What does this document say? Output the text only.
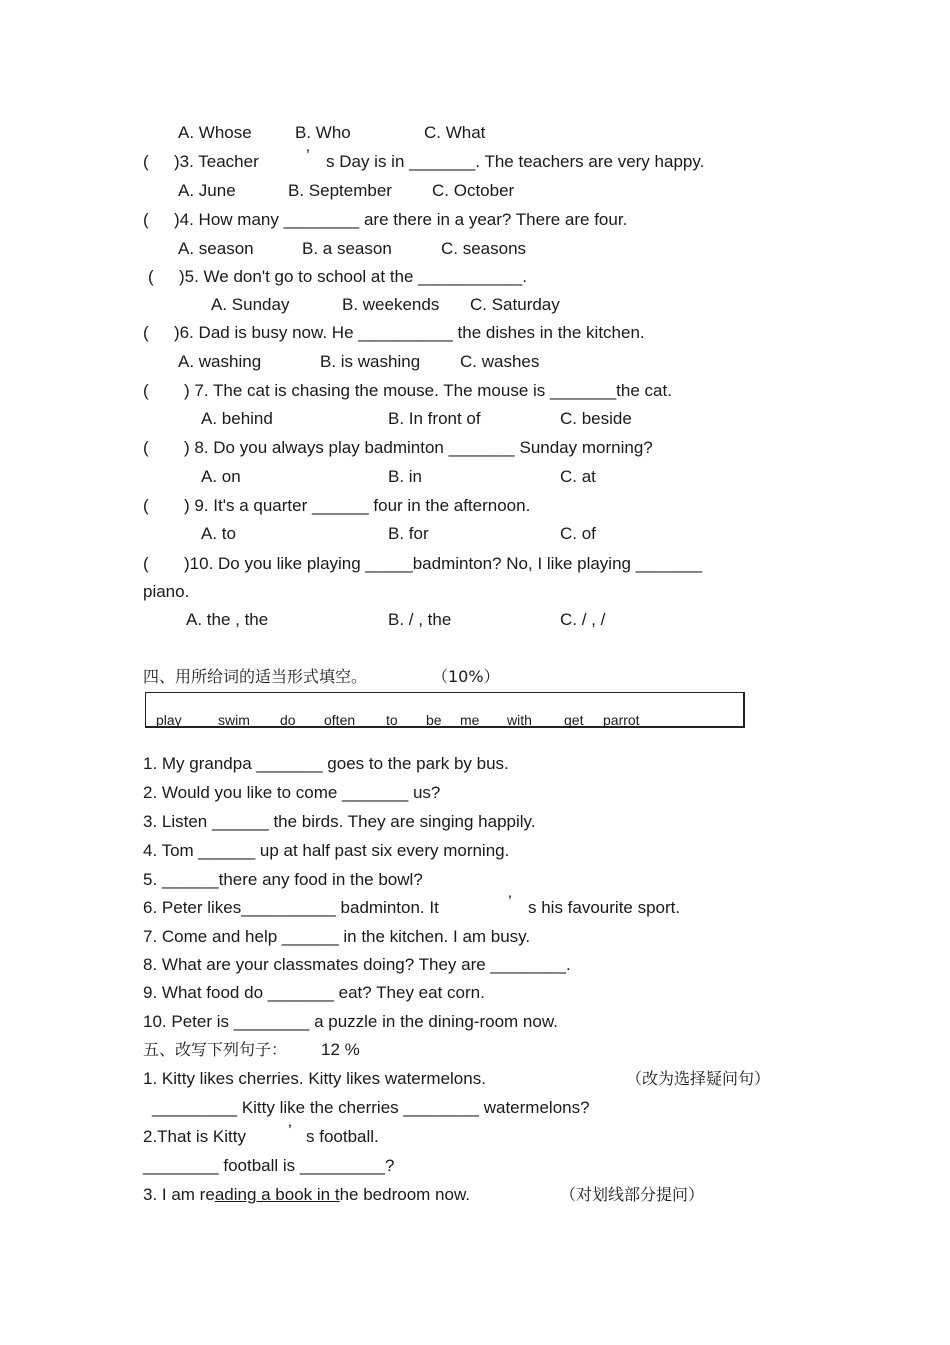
A. Whose	B. Who	C. What
( )3. Teacher	’ s Day is in _______. The teachers are very happy.
A. June	B. September C. October
( )4. How many ________ are there in a year? There are four.
A. season	B. a season	C. seasons
( )5. We don't go to school at the ___________.
A. Sunday	B. weekends C. Saturday
( )6. Dad is busy now. He __________ the dishes in the kitchen.
A. washing	B. is washing C. washes
( ) 7. The cat is chasing the mouse. The mouse is _______the cat.
A. behind	B. In front of	C. beside
( ) 8. Do you always play badminton _______ Sunday morning?
A. on	B. in	C. at
( ) 9. It's a quarter ______ four in the afternoon.
A. to	B. for	C. of
( )10. Do you like playing _____badminton? No, I like playing _______
piano.
A. the , the	B. / , the	C. / , /
四、用所给词的适当形式填空。	（10%）
play	swim do often to be me with get parrot
1. My grandpa _______ goes to the park by bus.
2. Would you like to come _______ us?
3. Listen ______ the birds. They are singing happily.
4. Tom ______ up at half past six every morning.
5. ______there any food in the bowl?
6. Peter likes__________ badminton. It	’ s his favourite sport.
7. Come and help ______ in the kitchen. I am busy.
8. What are your classmates doing? They are ________.
9. What food do _______ eat? They eat corn.
10. Peter is ________ a puzzle in the dining-room now.
五、改写下列句子： 12 %
1. Kitty likes cherries. Kitty likes watermelons.	（改为选择疑问句）
_________ Kitty like the cherries ________ watermelons?
2.That is Kitty ’ s football.
________ football is _________?
3. I am reading a book in the bedroom now.	（对划线部分提问）
